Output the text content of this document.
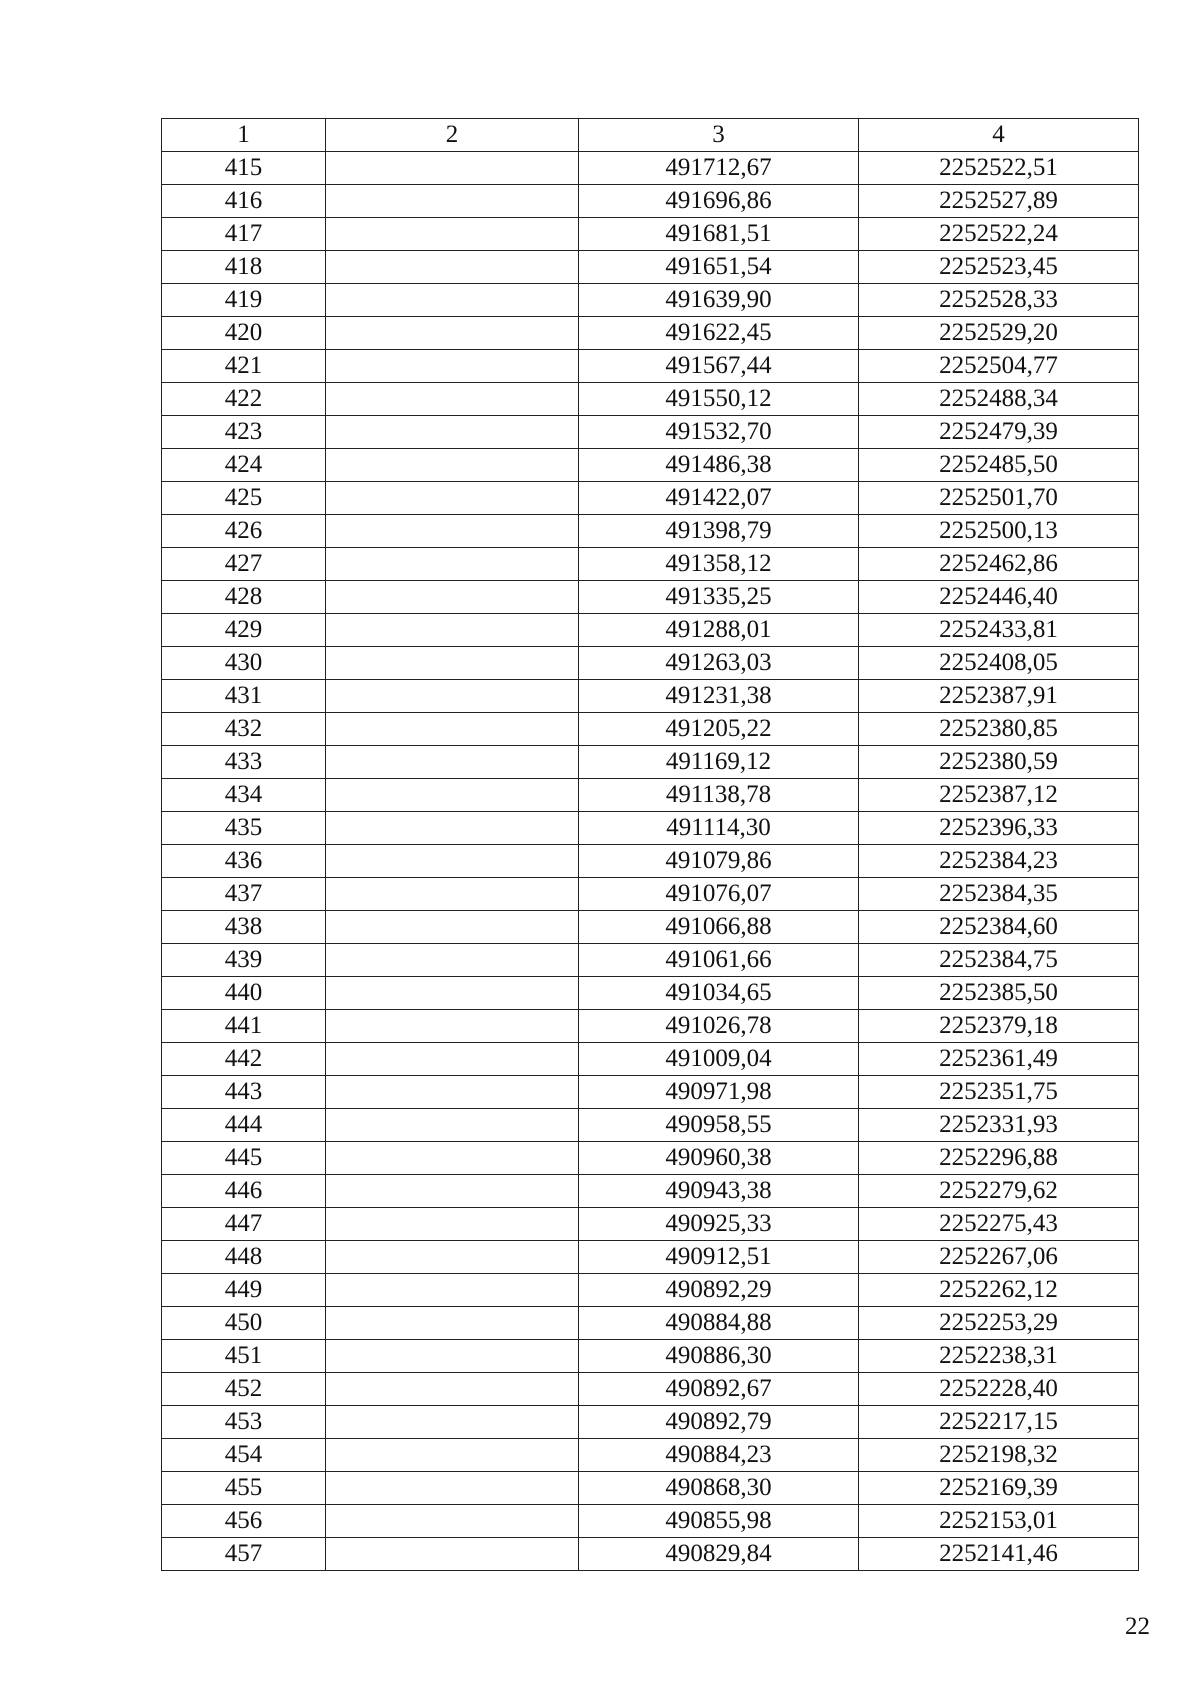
1	2	3	4
415		491712,67	2252522,51
416		491696,86	2252527,89
417		491681,51	2252522,24
418		491651,54	2252523,45
419		491639,90	2252528,33
420		491622,45	2252529,20
421		491567,44	2252504,77
422		491550,12	2252488,34
423		491532,70	2252479,39
424		491486,38	2252485,50
425		491422,07	2252501,70
426		491398,79	2252500,13
427		491358,12	2252462,86
428		491335,25	2252446,40
429		491288,01	2252433,81
430		491263,03	2252408,05
431		491231,38	2252387,91
432		491205,22	2252380,85
433		491169,12	2252380,59
434		491138,78	2252387,12
435		491114,30	2252396,33
436		491079,86	2252384,23
437		491076,07	2252384,35
438		491066,88	2252384,60
439		491061,66	2252384,75
440		491034,65	2252385,50
441		491026,78	2252379,18
442		491009,04	2252361,49
443		490971,98	2252351,75
444		490958,55	2252331,93
445		490960,38	2252296,88
446		490943,38	2252279,62
447		490925,33	2252275,43
448		490912,51	2252267,06
449		490892,29	2252262,12
450		490884,88	2252253,29
451		490886,30	2252238,31
452		490892,67	2252228,40
453		490892,79	2252217,15
454		490884,23	2252198,32
455		490868,30	2252169,39
456		490855,98	2252153,01
457		490829,84	2252141,46
22
